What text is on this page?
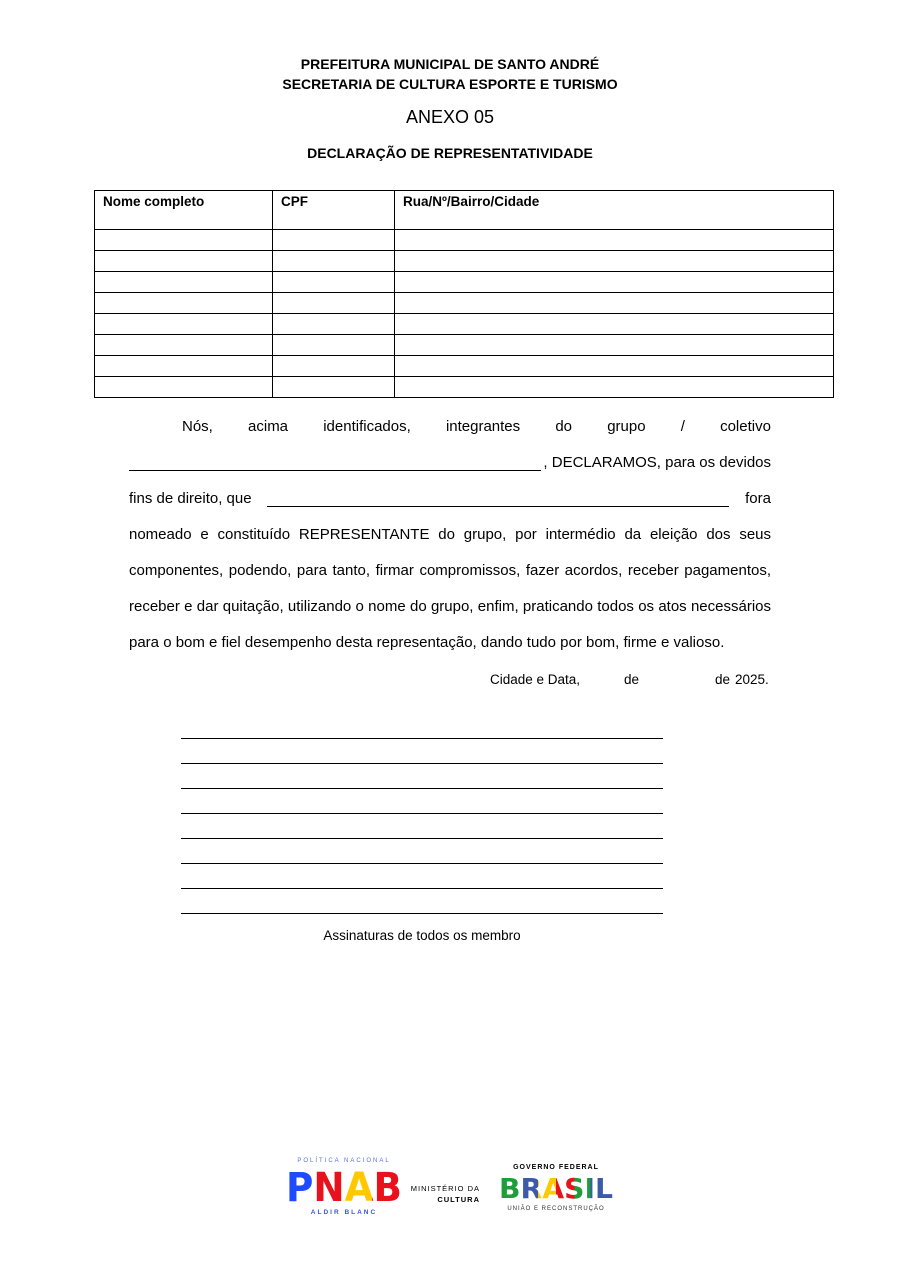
PREFEITURA MUNICIPAL DE SANTO ANDRÉ
SECRETARIA DE CULTURA ESPORTE E TURISMO
ANEXO 05
DECLARAÇÃO DE REPRESENTATIVIDADE
Nome completo	CPF	Rua/Nº/Bairro/Cidade

Nós, acima identificados, integrantes do grupo / coletivo
, DECLARAMOS, para os devidos
fins de direito, que	fora
nomeado e constituído REPRESENTANTE do grupo, por intermédio da eleição dos seus
componentes, podendo, para tanto, firmar compromissos, fazer acordos, receber pagamentos,
receber e dar quitação, utilizando o nome do grupo, enfim, praticando todos os atos necessários
para o bom e fiel desempenho desta representação, dando tudo por bom, firme e valioso.
Cidade e Data,	de	de 2025.
Assinaturas de todos os membro
POLÍTICA NACIONAL
PNAB
ALDIR BLANC
MINISTÉRIO DA
CULTURA
GOVERNO FEDERAL
BRASIL
UNIÃO E RECONSTRUÇÃO
